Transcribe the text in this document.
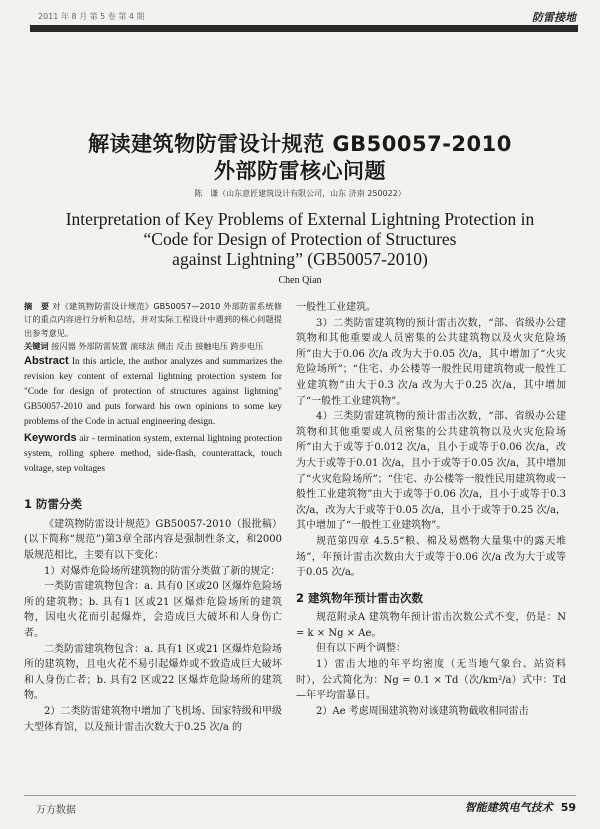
2011 年 8 月 第 5 卷 第 4 期	防雷接地
解读建筑物防雷设计规范 GB50057-2010
外部防雷核心问题
陈　谦（山东意匠建筑设计有限公司，山东 济南 250022）
Interpretation of Key Problems of External Lightning Protection in
“Code for Design of Protection of Structures
against Lightning” (GB50057-2010)
Chen Qian

摘　要 对《建筑物防雷设计规范》GB50057—2010 外部防雷系统修订的重点内容进行分析和总结，并对实际工程设计中遇到的核心问题提出参考意见。

关键词 接闪器 外部防雷装置 滚球法 侧击 反击 接触电压 跨步电压

Abstract In this article, the author analyzes and summarizes the revision key content of external lightning protection system for "Code for design of protection of structures against lightning" GB50057-2010 and puts forward his own opinions to some key problems of the Code in actual engineering design.

Keywords air - termination system, external lightning protection system, rolling sphere method, side-flash, counterattack, touch voltage, step voltages

1 防雷分类

《建筑物防雷设计规范》GB50057-2010（报批稿）(以下简称“规范”)第3章全部内容是强制性条文，和2000 版规范相比，主要有以下变化：

1）对爆炸危险场所建筑物的防雷分类做了新的规定：

一类防雷建筑物包含：a. 具有0 区或20 区爆炸危险场所的建筑物；b. 具有1 区或21 区爆炸危险场所的建筑物，因电火花而引起爆炸，会造成巨大破坏和人身伤亡者。

二类防雷建筑物包含：a. 具有1 区或21 区爆炸危险场所的建筑物，且电火花不易引起爆炸或不致造成巨大破坏和人身伤亡者；b. 具有2 区或22 区爆炸危险场所的建筑物。

2）二类防雷建筑物中增加了飞机场、国家特级和甲级大型体育馆，以及预计雷击次数大于0.25 次/a 的

一般性工业建筑。

3）二类防雷建筑物的预计雷击次数，“部、省级办公建筑物和其他重要或人员密集的公共建筑物以及火灾危险场所”由大于0.06 次/a 改为大于0.05 次/a，其中增加了“火灾危险场所”；“住宅、办公楼等一般性民用建筑物或一般性工业建筑物”由大于0.3 次/a 改为大于0.25 次/a，其中增加了“一般性工业建筑物”。

4）三类防雷建筑物的预计雷击次数，“部、省级办公建筑物和其他重要或人员密集的公共建筑物以及火灾危险场所”由大于或等于0.012 次/a，且小于或等于0.06 次/a，改为大于或等于0.01 次/a，且小于或等于0.05 次/a，其中增加了“火灾危险场所”；“住宅、办公楼等一般性民用建筑物或一般性工业建筑物”由大于或等于0.06 次/a，且小于或等于0.3 次/a，改为大于或等于0.05 次/a，且小于或等于0.25 次/a，其中增加了“一般性工业建筑物”。

规范第四章 4.5.5“粮、棉及易燃物大量集中的露天堆场”，年预计雷击次数由大于或等于0.06 次/a 改为大于或等于0.05 次/a。

2 建筑物年预计雷击次数

规范附录A 建筑物年预计雷击次数公式不变，仍是：N = k × Ng × Ae。

但有以下两个调整：

1）雷击大地的年平均密度（无当地气象台、站资料时），公式简化为：Ng = 0.1 × Td（次/km²/a）式中：Td—年平均雷暴日。

2）Ae 考虑周围建筑物对该建筑物截收相同雷击

万方数据	智能建筑电气技术 59
